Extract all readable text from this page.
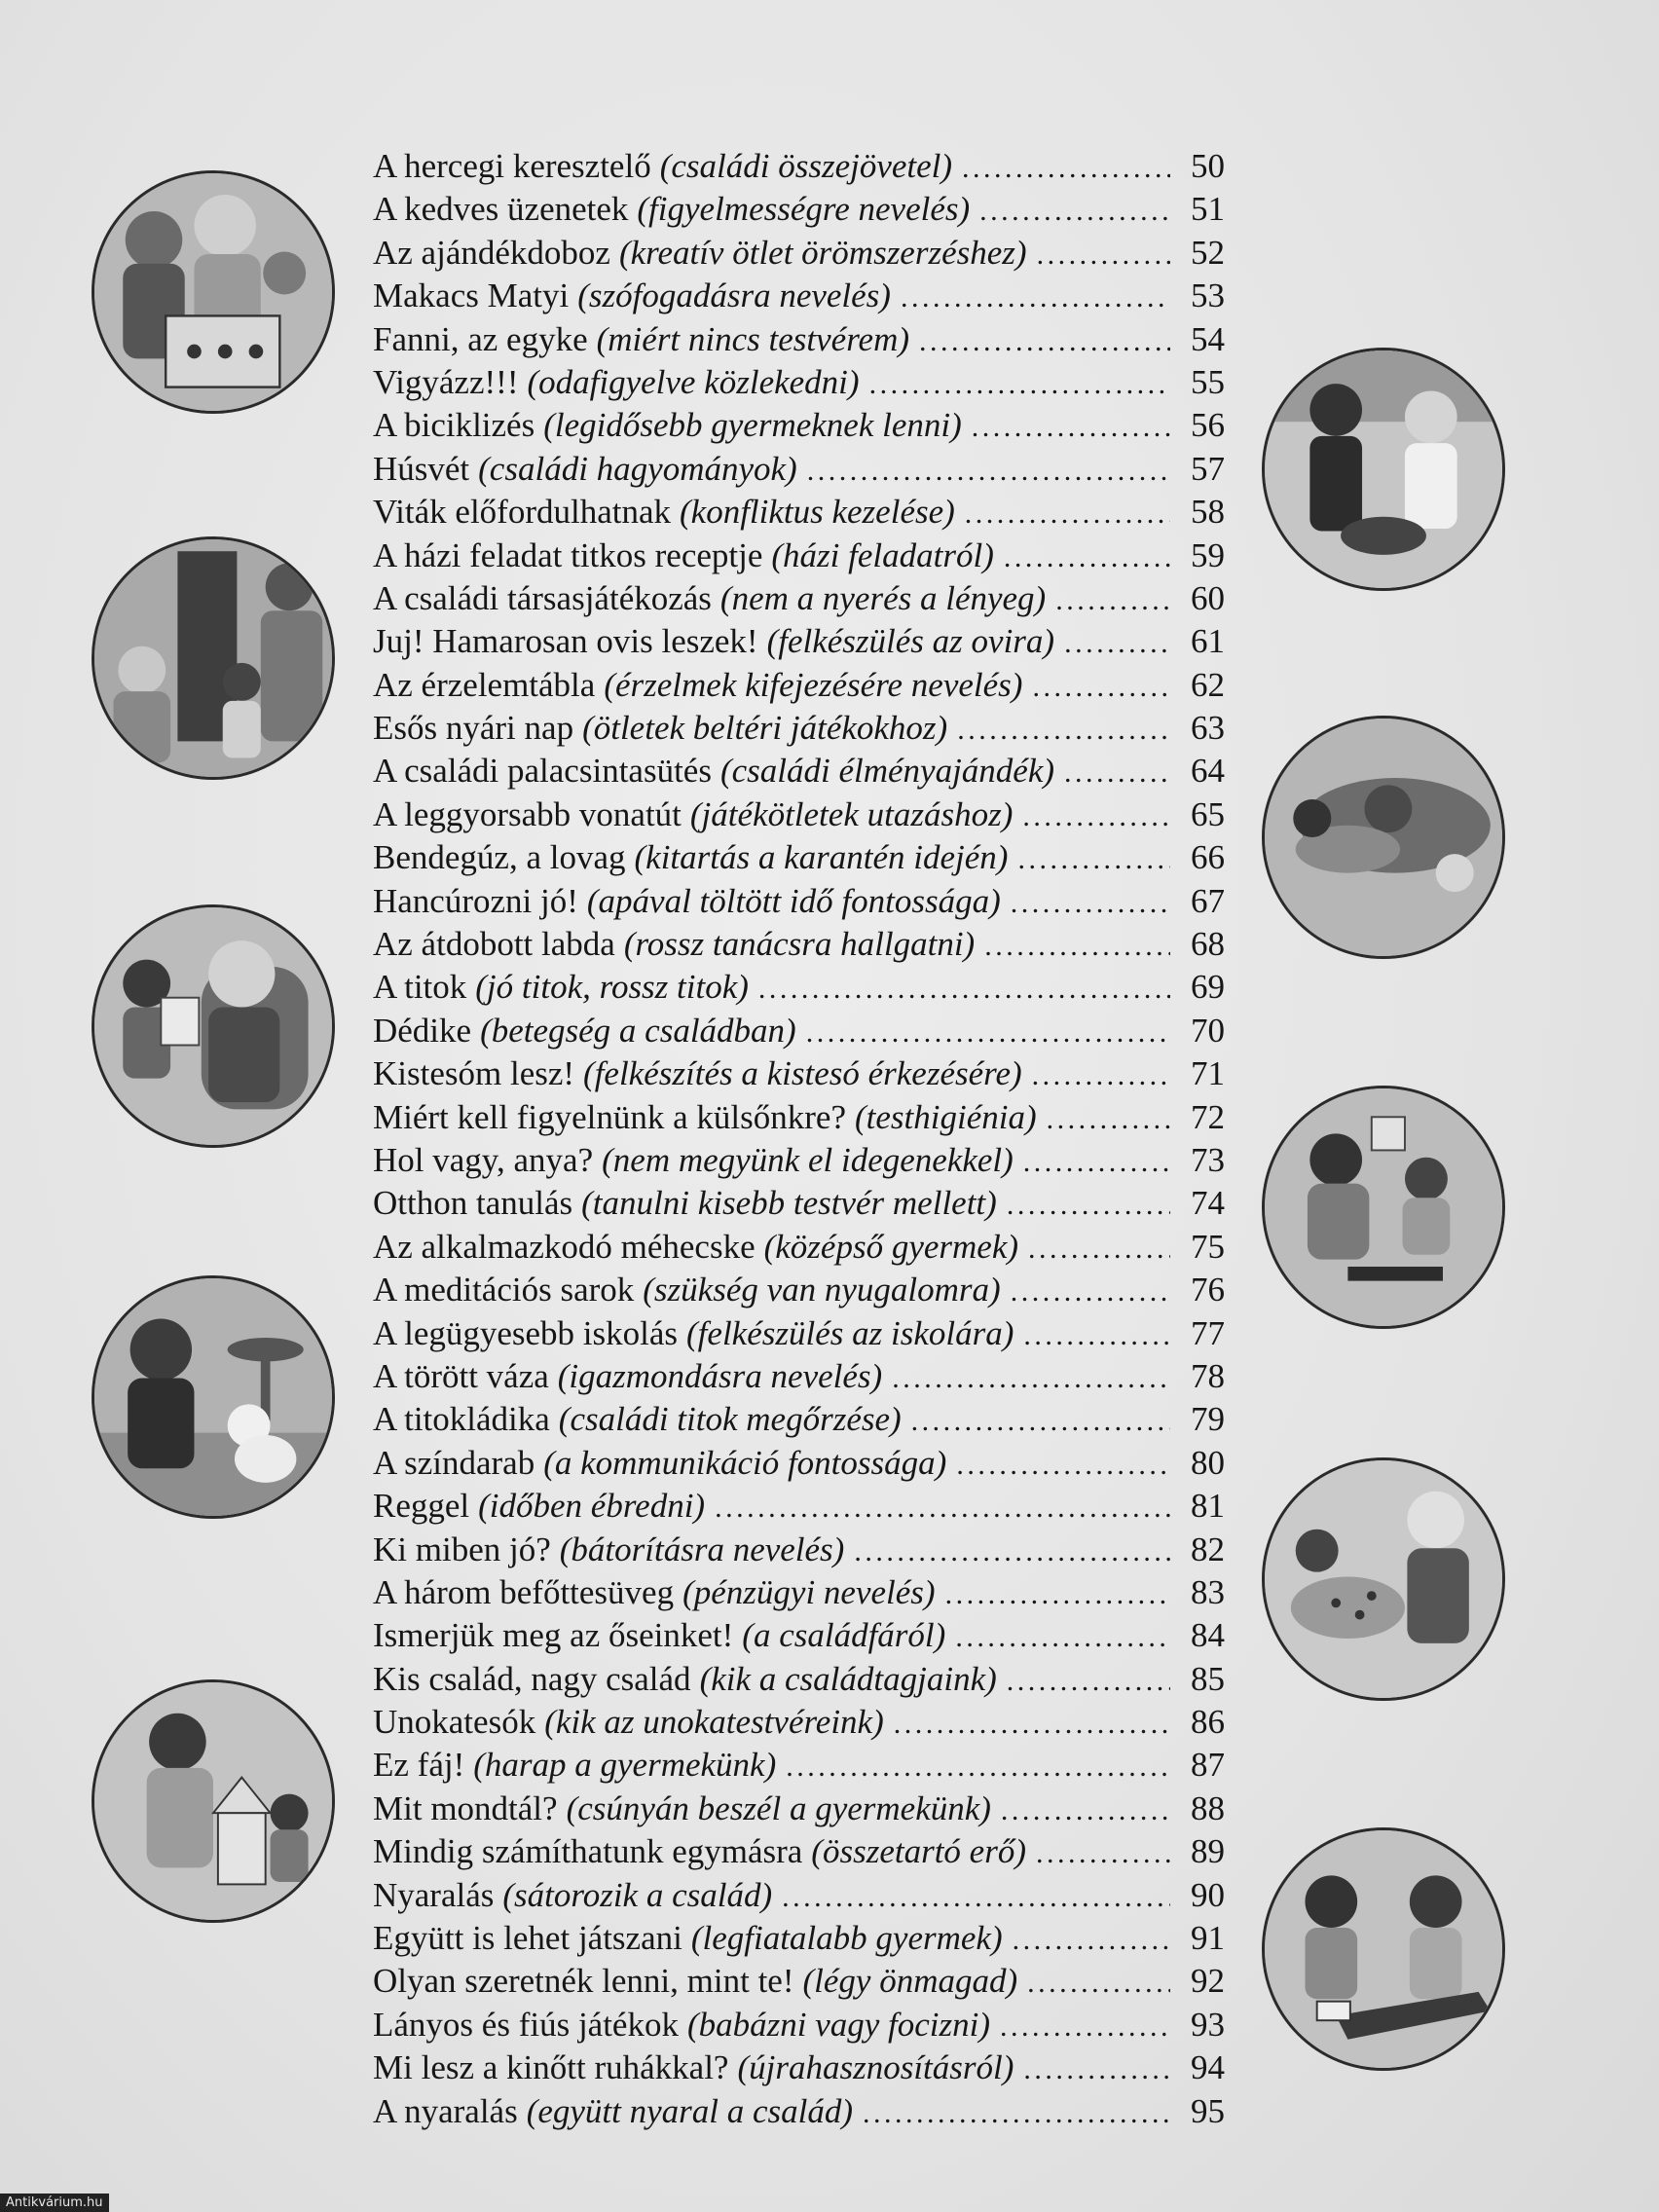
A hercegi keresztelő (családi összejövetel) . . .	50
A kedves üzenetek (figyelmességre nevelés) . . .	51
Az ajándékdoboz (kreatív ötlet örömszerzéshez) . . .	52
Makacs Matyi (szófogadásra nevelés) . . .	53
Fanni, az egyke (miért nincs testvérem) . . .	54
Vigyázz!!! (odafigyelve közlekedni) . . .	55
A biciklizés (legidősebb gyermeknek lenni) . . .	56
Húsvét (családi hagyományok) . . .	57
Viták előfordulhatnak (konfliktus kezelése) . . .	58
A házi feladat titkos receptje (házi feladatról) . . .	59
A családi társasjátékozás (nem a nyerés a lényeg) . . .	60
Juj! Hamarosan ovis leszek! (felkészülés az ovira) . . .	61
Az érzelemtábla (érzelmek kifejezésére nevelés) . . .	62
Esős nyári nap (ötletek beltéri játékokhoz) . . .	63
A családi palacsintasütés (családi élményajándék) . . .	64
A leggyorsabb vonatút (játékötletek utazáshoz) . . .	65
Bendegúz, a lovag (kitartás a karantén idején) . . .	66
Hancúrozni jó! (apával töltött idő fontossága) . . .	67
Az átdobott labda (rossz tanácsra hallgatni) . . .	68
A titok (jó titok, rossz titok) . . .	69
Dédike (betegség a családban) . . .	70
Kistesóm lesz! (felkészítés a kistesó érkezésére) . . .	71
Miért kell figyelnünk a külsőnkre? (testhigiénia) . . .	72
Hol vagy, anya? (nem megyünk el idegenekkel) . . .	73
Otthon tanulás (tanulni kisebb testvér mellett) . . .	74
Az alkalmazkodó méhecske (középső gyermek) . . .	75
A meditációs sarok (szükség van nyugalomra) . . .	76
A legügyesebb iskolás (felkészülés az iskolára) . . .	77
A törött váza (igazmondásra nevelés) . . .	78
A titokládika (családi titok megőrzése) . . .	79
A színdarab (a kommunikáció fontossága) . . .	80
Reggel (időben ébredni) . . .	81
Ki miben jó? (bátorításra nevelés) . . .	82
A három befőttesüveg (pénzügyi nevelés) . . .	83
Ismerjük meg az őseinket! (a családfáról) . . .	84
Kis család, nagy család (kik a családtagjaink) . . .	85
Unokatesók (kik az unokatestvéreink) . . .	86
Ez fáj! (harap a gyermekünk) . . .	87
Mit mondtál? (csúnyán beszél a gyermekünk) . . .	88
Mindig számíthatunk egymásra (összetartó erő) . . .	89
Nyaralás (sátorozik a család) . . .	90
Együtt is lehet játszani (legfiatalabb gyermek) . . .	91
Olyan szeretnék lenni, mint te! (légy önmagad) . . .	92
Lányos és fiús játékok (babázni vagy focizni) . . .	93
Mi lesz a kinőtt ruhákkal? (újrahasznosításról) . . .	94
A nyaralás (együtt nyaral a család) . . .	95
Antikvárium.hu
